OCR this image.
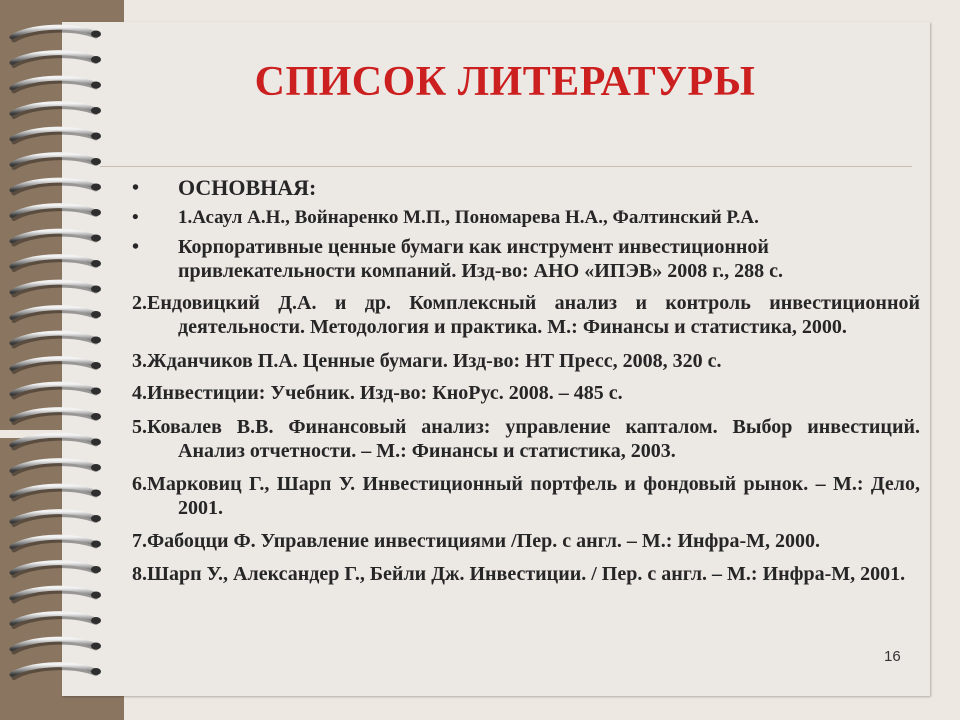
СПИСОК ЛИТЕРАТУРЫ

• ОСНОВНАЯ:

• 1.Асаул А.Н., Войнаренко М.П., Пономарева Н.А., Фалтинский Р.А.

• Корпоративные ценные бумаги как инструмент инвестиционной привлекательности компаний. Изд-во: АНО «ИПЭВ» 2008 г., 288 с.

2.Ендовицкий Д.А. и др. Комплексный анализ и контроль инвестиционной деятельности. Методология и практика. М.: Финансы и статистика, 2000.

3.Жданчиков П.А. Ценные бумаги. Изд-во: НТ Пресс, 2008, 320 с.

4.Инвестиции: Учебник. Изд-во: КноРус. 2008. – 485 с.

5.Ковалев В.В. Финансовый анализ: управление капталом. Выбор инвестиций. Анализ отчетности. – М.: Финансы и статистика, 2003.

6.Марковиц Г., Шарп У. Инвестиционный портфель и фондовый рынок. – М.: Дело, 2001.

7.Фабоцци Ф. Управление инвестициями /Пер. с англ. – М.: Инфра-М, 2000.

8.Шарп У., Александер Г., Бейли Дж. Инвестиции. / Пер. с англ. – М.: Инфра-М, 2001.

16
